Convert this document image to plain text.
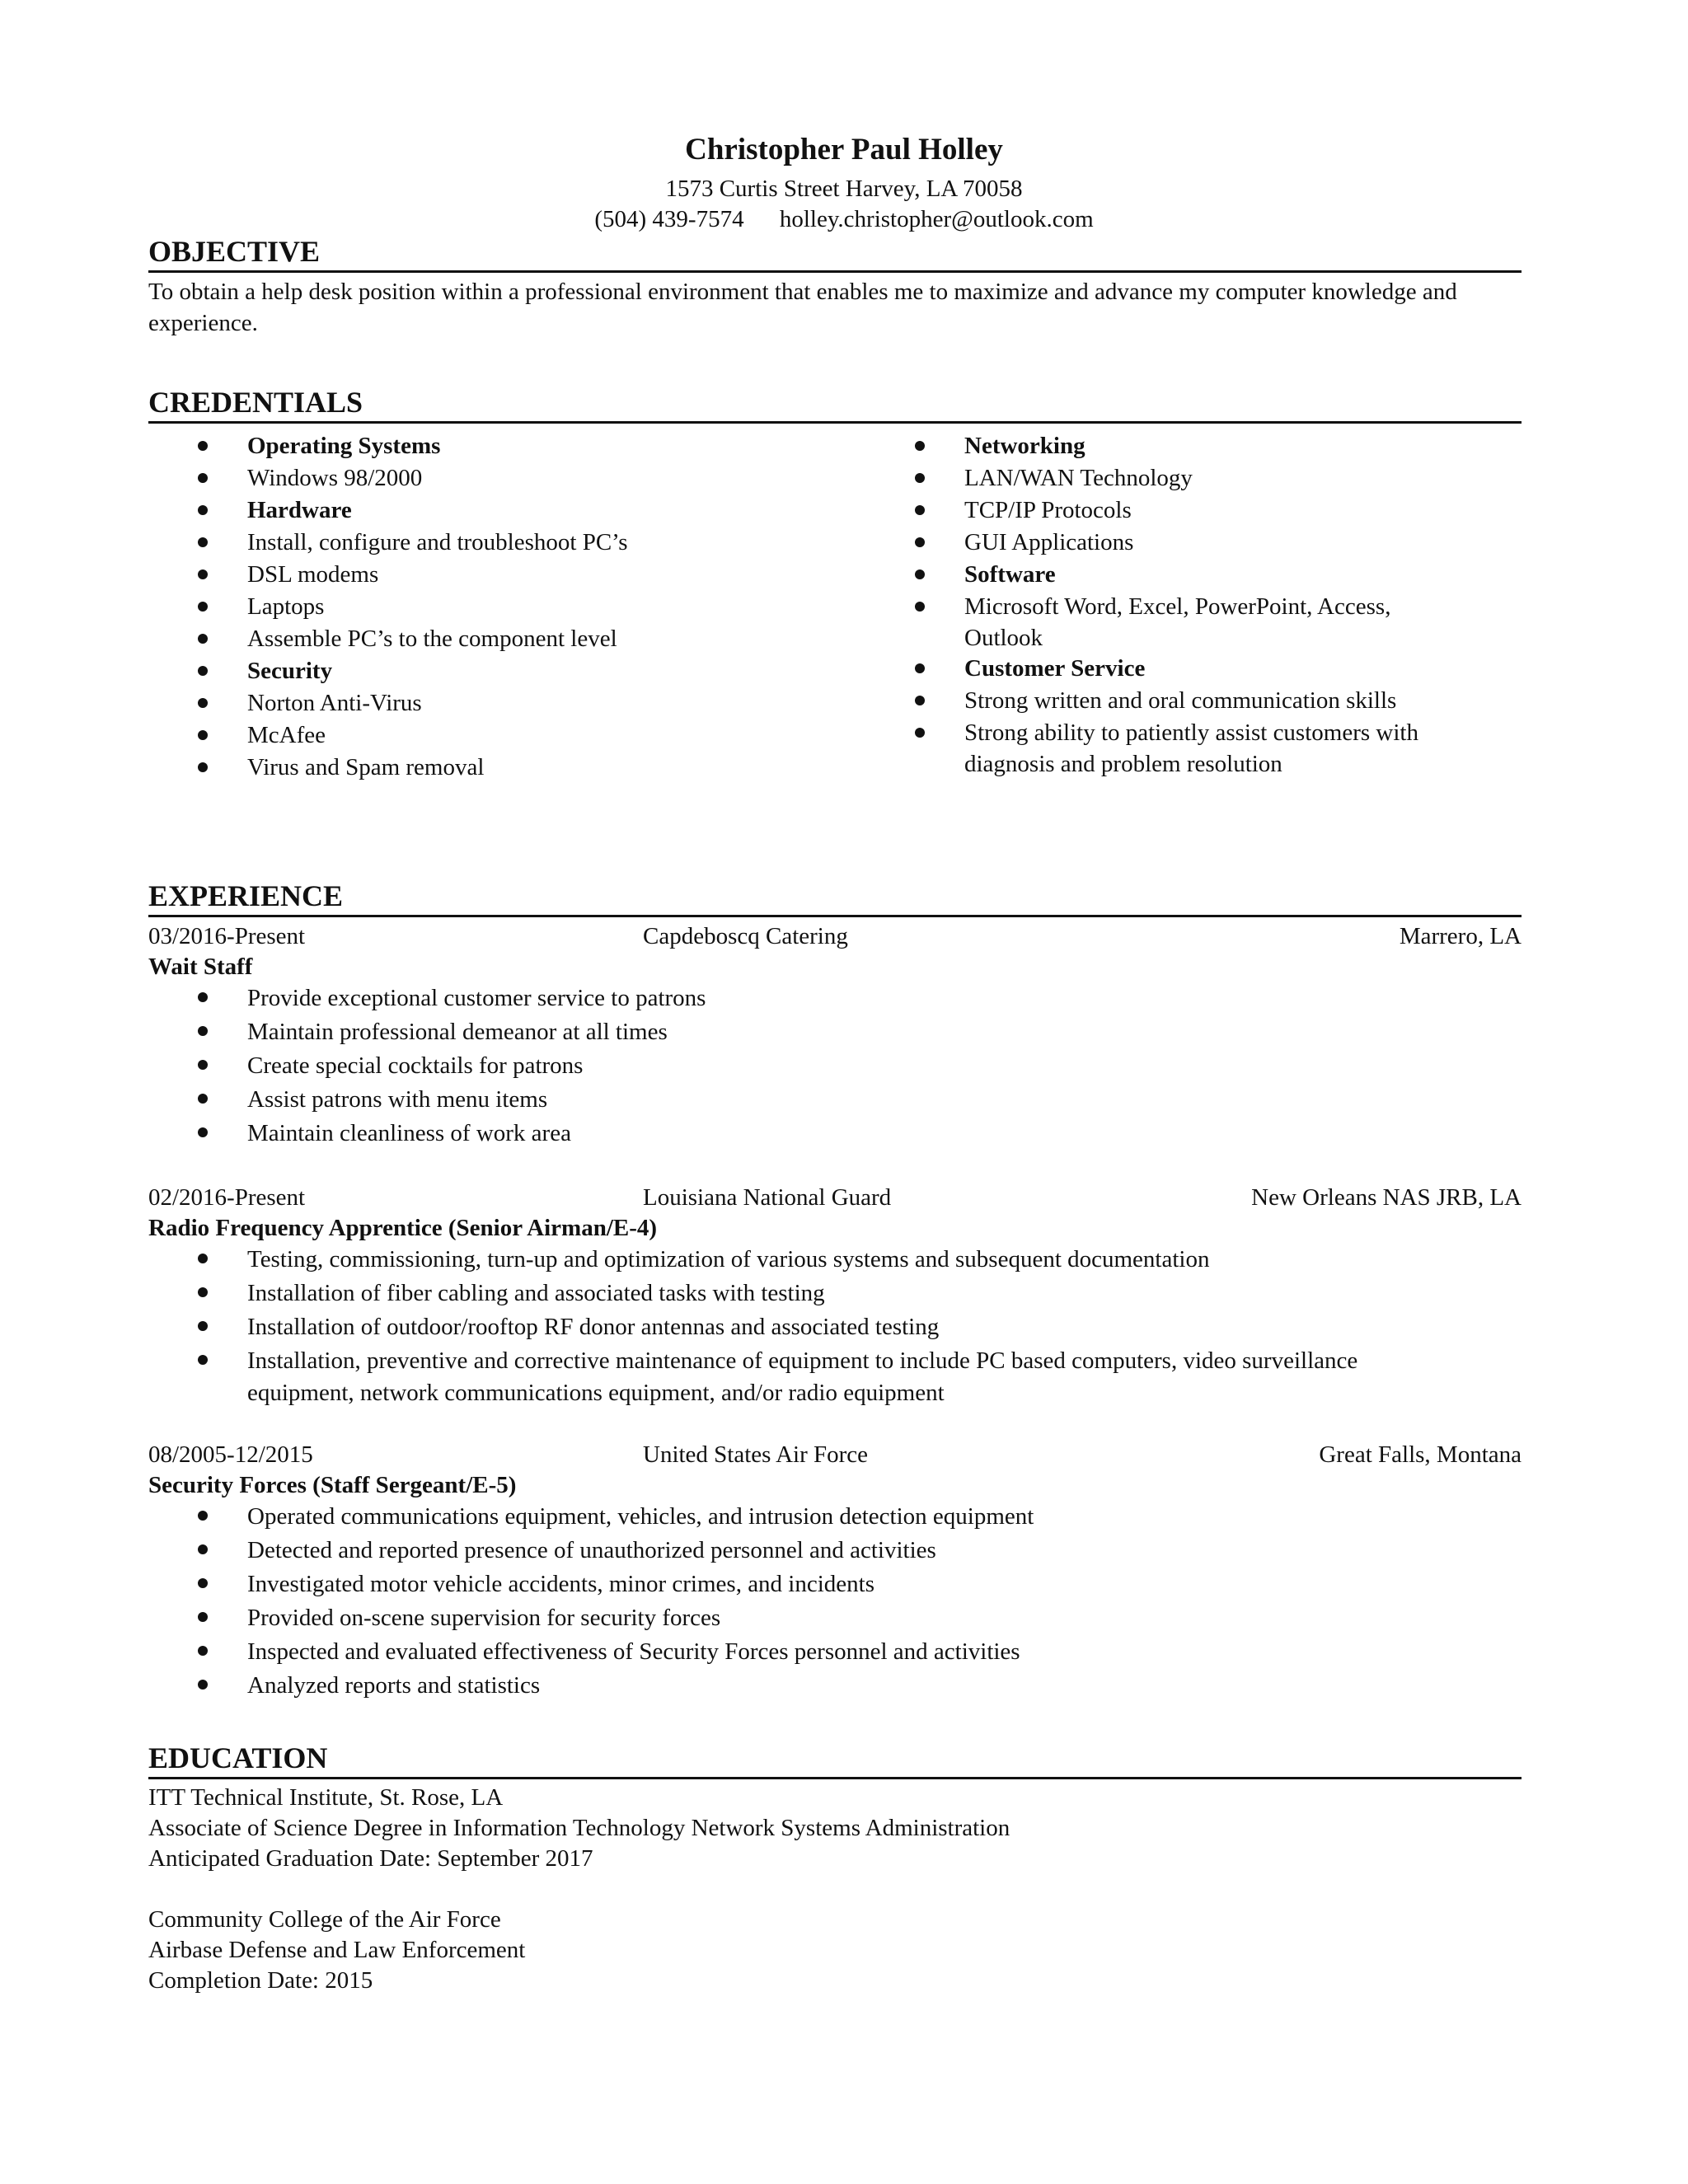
Christopher Paul Holley
1573 Curtis Street Harvey, LA 70058
(504) 439-7574 holley.christopher@outlook.com
OBJECTIVE
To obtain a help desk position within a professional environment that enables me to maximize and advance my computer knowledge and experience.
CREDENTIALS
Operating Systems
Windows 98/2000
Hardware
Install, configure and troubleshoot PC’s
DSL modems
Laptops
Assemble PC’s to the component level
Security
Norton Anti-Virus
McAfee
Virus and Spam removal
Networking
LAN/WAN Technology
TCP/IP Protocols
GUI Applications
Software
Microsoft Word, Excel, PowerPoint, Access,
Outlook
Customer Service
Strong written and oral communication skills
Strong ability to patiently assist customers with
diagnosis and problem resolution
EXPERIENCE
03/2016-Present	Capdeboscq Catering	Marrero, LA
Wait Staff
Provide exceptional customer service to patrons
Maintain professional demeanor at all times
Create special cocktails for patrons
Assist patrons with menu items
Maintain cleanliness of work area
02/2016-Present	Louisiana National Guard	New Orleans NAS JRB, LA
Radio Frequency Apprentice (Senior Airman/E-4)
Testing, commissioning, turn-up and optimization of various systems and subsequent documentation
Installation of fiber cabling and associated tasks with testing
Installation of outdoor/rooftop RF donor antennas and associated testing
Installation, preventive and corrective maintenance of equipment to include PC based computers, video surveillance
equipment, network communications equipment, and/or radio equipment
08/2005-12/2015	United States Air Force	Great Falls, Montana
Security Forces (Staff Sergeant/E-5)
Operated communications equipment, vehicles, and intrusion detection equipment
Detected and reported presence of unauthorized personnel and activities
Investigated motor vehicle accidents, minor crimes, and incidents
Provided on-scene supervision for security forces
Inspected and evaluated effectiveness of Security Forces personnel and activities
Analyzed reports and statistics
EDUCATION
ITT Technical Institute, St. Rose, LA
Associate of Science Degree in Information Technology Network Systems Administration
Anticipated Graduation Date: September 2017
Community College of the Air Force
Airbase Defense and Law Enforcement
Completion Date: 2015
